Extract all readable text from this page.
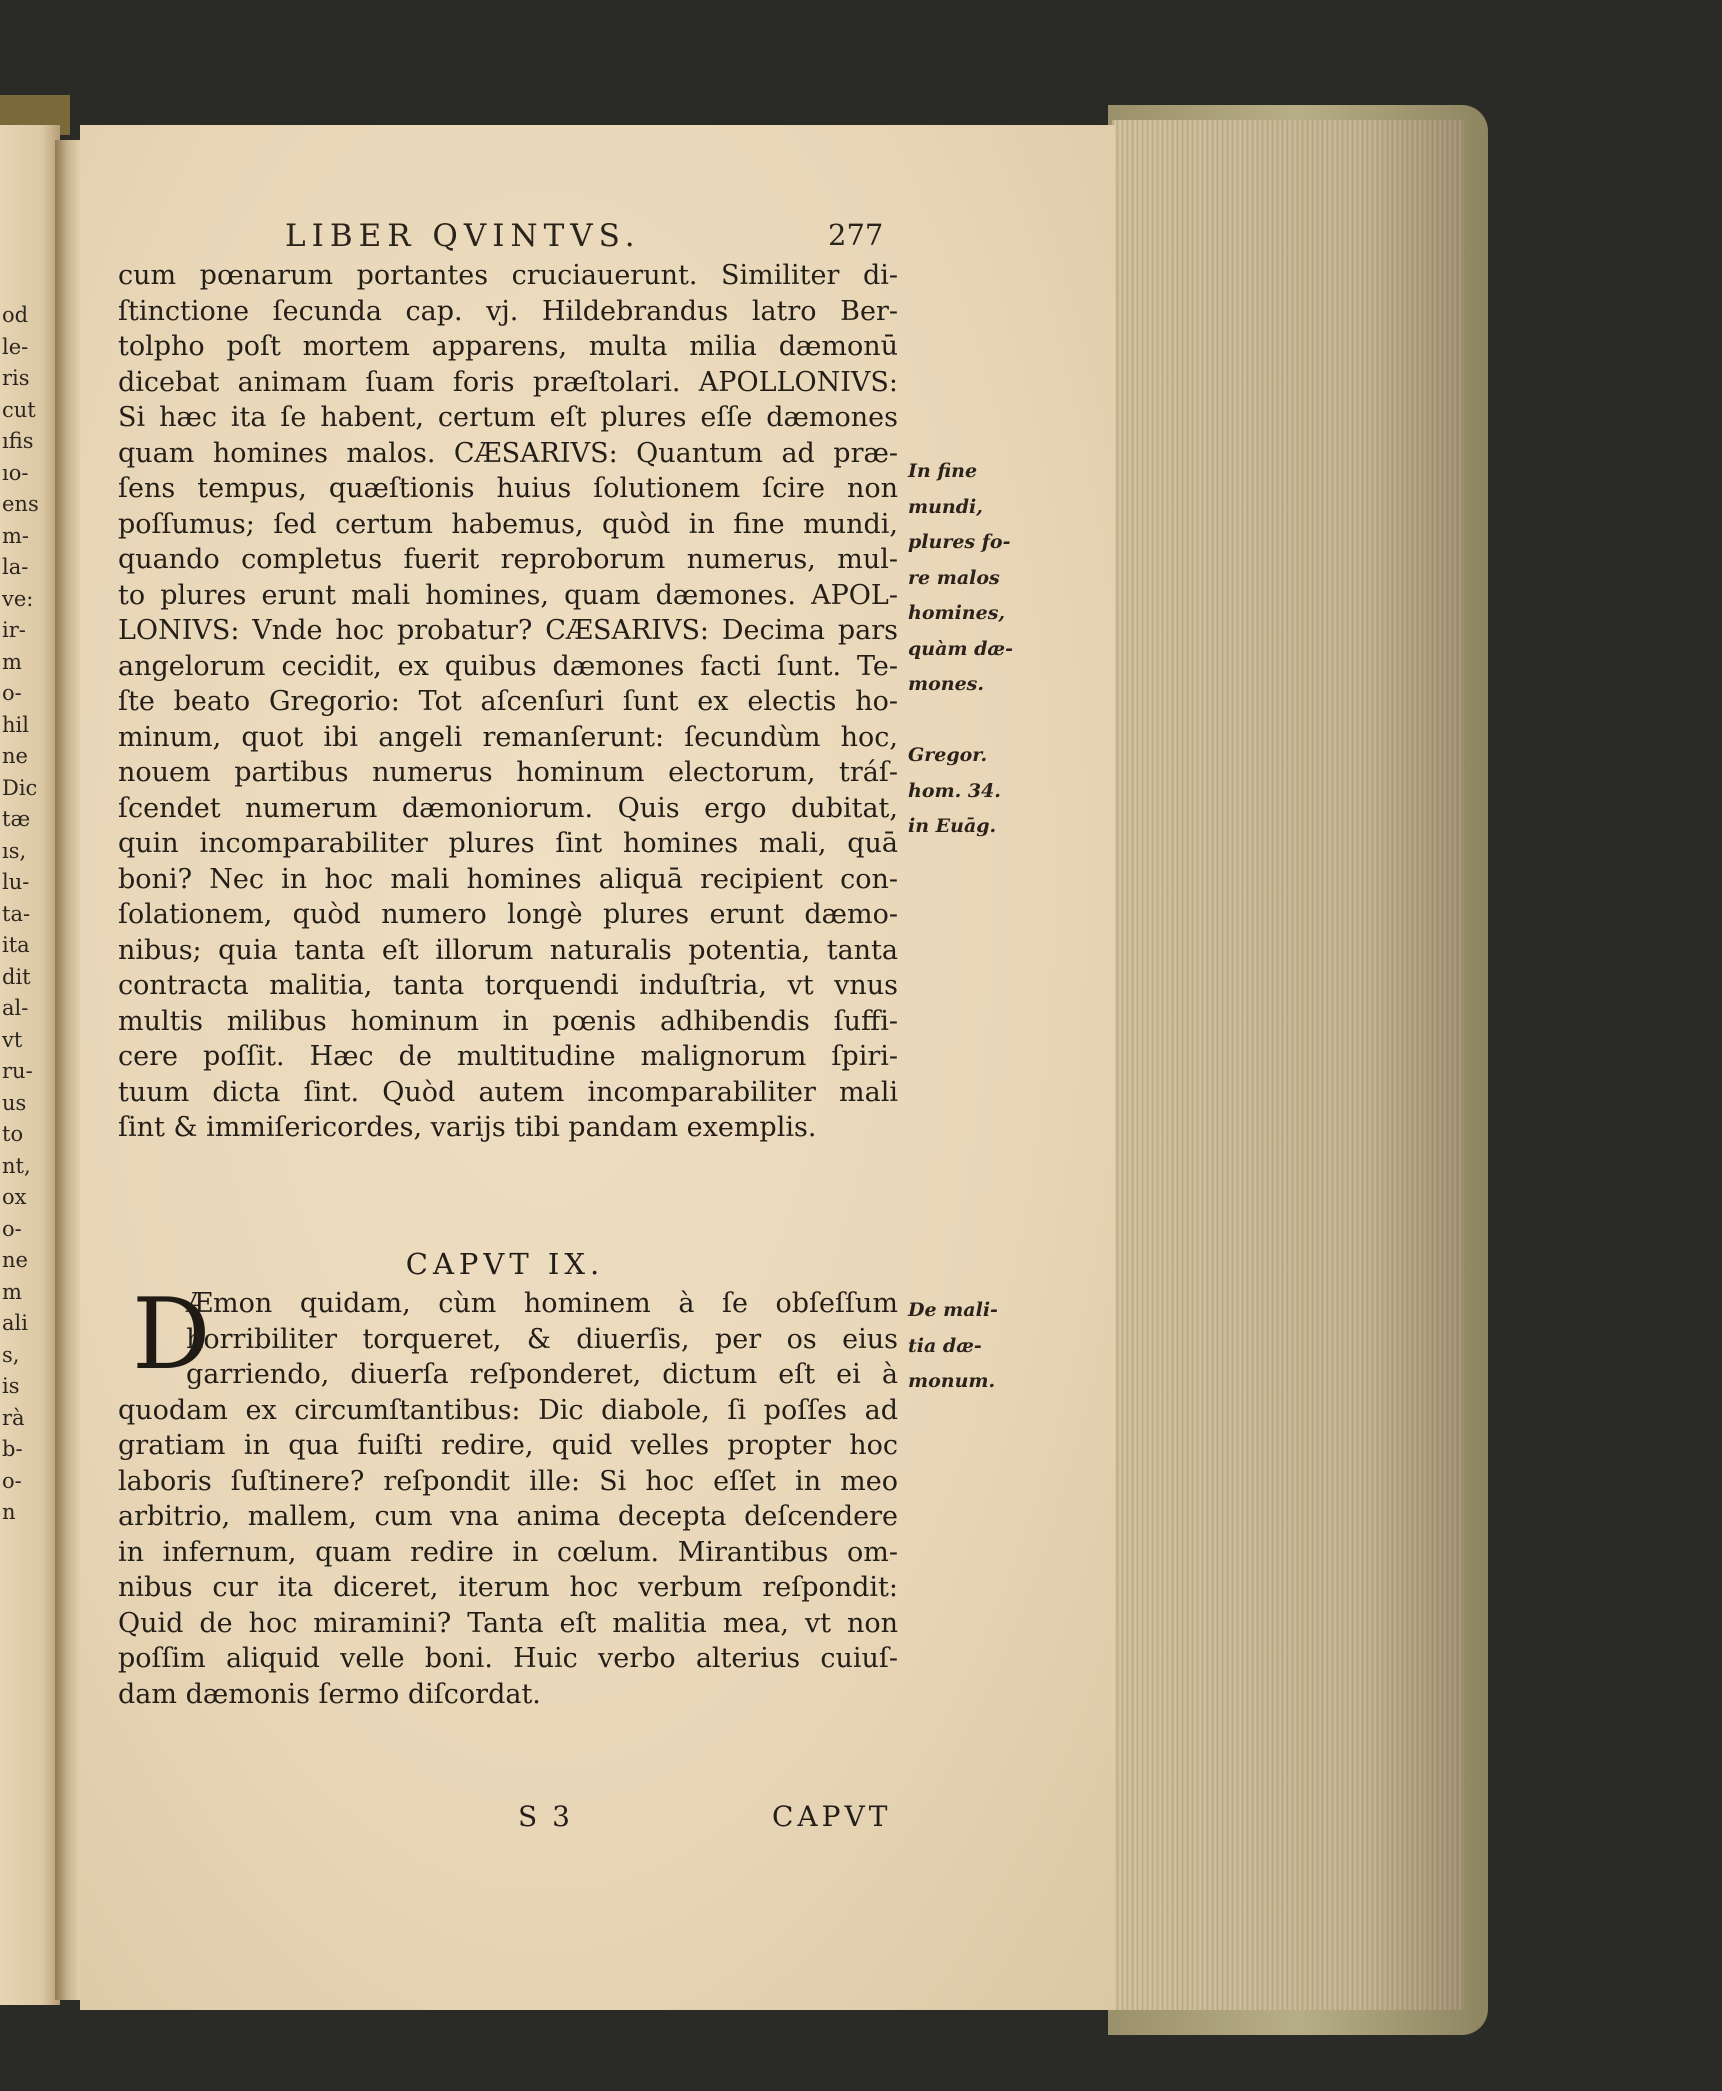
od
le-
ris
cut
ıfis
ıo-
ens
m-
la-
ve:
ir-
m
o-
hil
ne
Dic
tæ
ıs,
lu-
ta-
ita
dit
al-
vt
ru-
us
to
nt,
ox
o-
ne
m
ali
s,
is
rà
b-
o-
n
LIBER QVINTVS.	277
cum pœnarum portantes cruciauerunt. Similiter di-
ſtinctione ſecunda cap. vj. Hildebrandus latro Ber-
tolpho poſt mortem apparens, multa milia dæmonū
dicebat animam ſuam foris præſtolari. APOLLONIVS:
Si hæc ita ſe habent, certum eſt plures eſſe dæmones
quam homines malos. CÆSARIVS: Quantum ad præ-
ſens tempus, quæſtionis huius ſolutionem ſcire non
poſſumus; ſed certum habemus, quòd in fine mundi,
quando completus fuerit reproborum numerus, mul-
to plures erunt mali homines, quam dæmones. APOL-
LONIVS: Vnde hoc probatur? CÆSARIVS: Decima pars
angelorum cecidit, ex quibus dæmones facti ſunt. Te-
ſte beato Gregorio: Tot aſcenſuri ſunt ex electis ho-
minum, quot ibi angeli remanſerunt: ſecundùm hoc,
nouem partibus numerus hominum electorum, tráſ-
ſcendet numerum dæmoniorum. Quis ergo dubitat,
quin incomparabiliter plures ſint homines mali, quā
boni? Nec in hoc mali homines aliquā recipient con-
ſolationem, quòd numero longè plures erunt dæmo-
nibus; quia tanta eſt illorum naturalis potentia, tanta
contracta malitia, tanta torquendi induſtria, vt vnus
multis milibus hominum in pœnis adhibendis ſuffi-
cere poſſit. Hæc de multitudine malignorum ſpiri-
tuum dicta ſint. Quòd autem incomparabiliter mali
ſint & immiſericordes, varijs tibi pandam exemplis.
CAPVT IX.
D
Æmon quidam, cùm hominem à ſe obſeſſum
horribiliter torqueret, & diuerſis, per os eius
garriendo, diuerſa reſponderet, dictum eſt ei à
quodam ex circumſtantibus: Dic diabole, ſi poſſes ad
gratiam in qua fuiſti redire, quid velles propter hoc
laboris ſuſtinere? reſpondit ille: Si hoc eſſet in meo
arbitrio, mallem, cum vna anima decepta deſcendere
in infernum, quam redire in cœlum. Mirantibus om-
nibus cur ita diceret, iterum hoc verbum reſpondit:
Quid de hoc miramini? Tanta eſt malitia mea, vt non
poſſim aliquid velle boni. Huic verbo alterius cuiuſ-
dam dæmonis ſermo diſcordat.
In fine
mundi,
plures fo-
re malos
homines,
quàm dæ-
mones.
Gregor.
hom. 34.
in Euāg.
De mali-
tia dæ-
monum.
S 3	CAPVT
